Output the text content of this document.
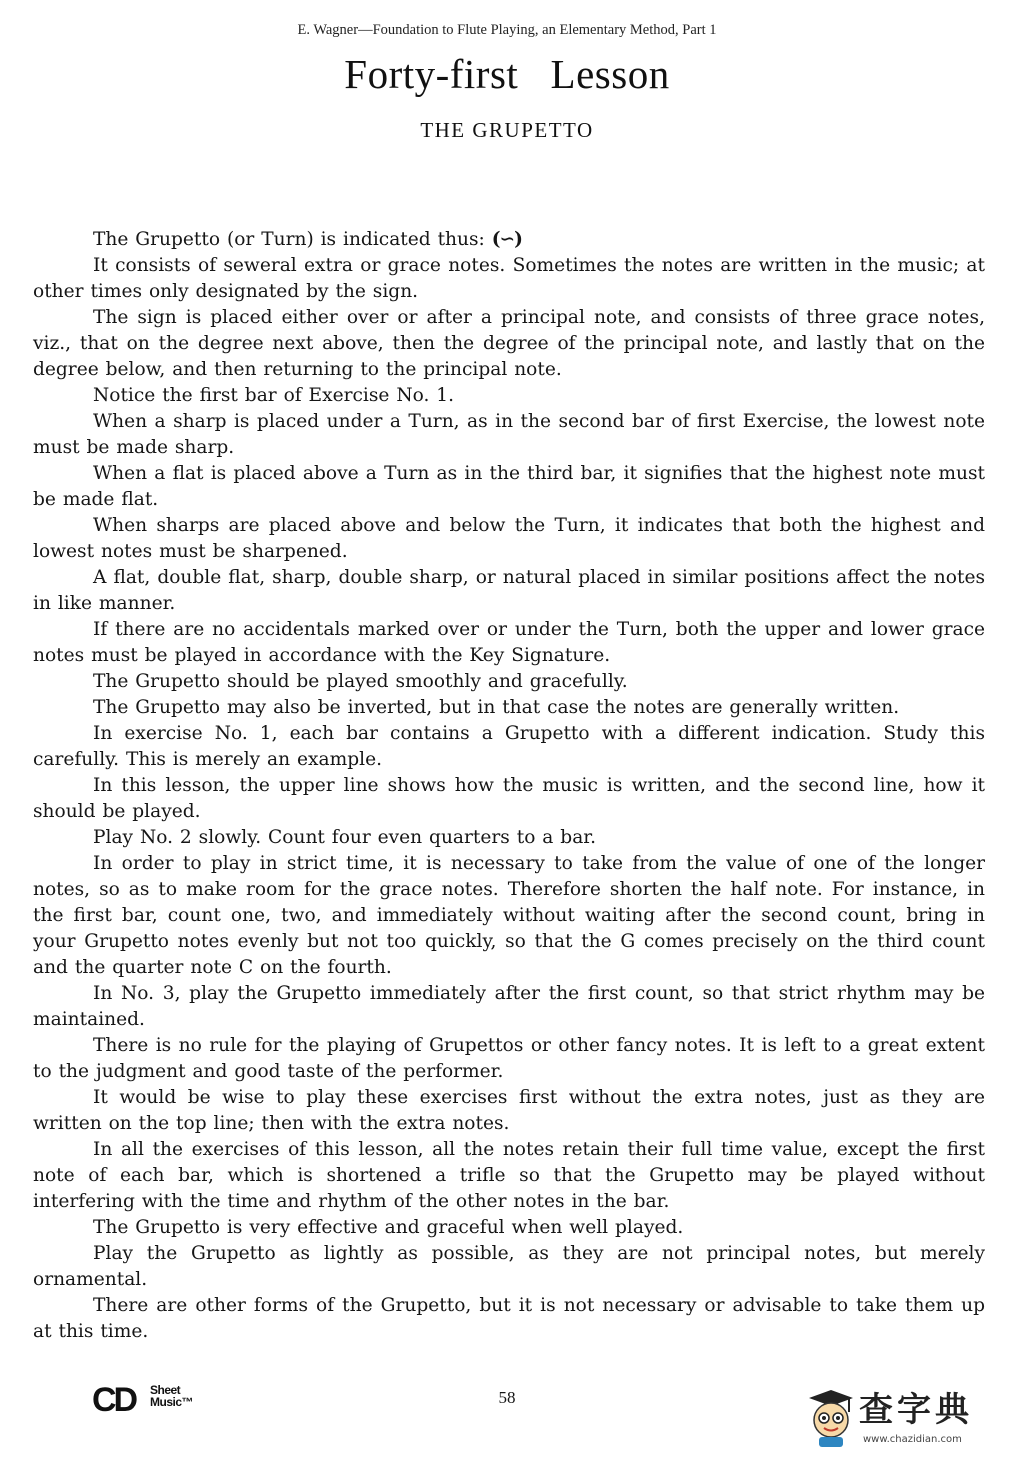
E. Wagner—Foundation to Flute Playing, an Elementary Method, Part 1
Forty-first   Lesson
THE GRUPETTO

The Grupetto (or Turn) is indicated thus: (∽)

It consists of sewеral extra or grace notes. Sometimes the notes are written in the music; at other times only designated by the sign.

The sign is placed either over or after a principal note, and consists of three grace notes, viz., that on the degree next above, then the degree of the principal note, and lastly that on the degree below, and then returning to the principal note.

Notice the first bar of Exercise No. 1.

When a sharp is placed under a Turn, as in the second bar of first Exercise, the lowest note must be made sharp.

When a flat is placed above a Turn as in the third bar, it signifies that the highest note must be made flat.

When sharps are placed above and below the Turn, it indicates that both the highest and lowest notes must be sharpened.

A flat, double flat, sharp, double sharp, or natural placed in similar positions affect the notes in like manner.

If there are no accidentals marked over or under the Turn, both the upper and lower grace notes must be played in accordance with the Key Signature.

The Grupetto should be played smoothly and gracefully.

The Grupetto may also be inverted, but in that case the notes are generally written.

In exercise No. 1, each bar contains a Grupetto with a different indication. Study this carefully. This is merely an example.

In this lesson, the upper line shows how the music is written, and the second line, how it should be played.

Play No. 2 slowly. Count four even quarters to a bar.

In order to play in strict time, it is necessary to take from the value of one of the longer notes, so as to make room for the grace notes. Therefore shorten the half note. For instance, in the first bar, count one, two, and immediately without waiting after the second count, bring in your Grupetto notes evenly but not too quickly, so that the G comes precisely on the third count and the quarter note C on the fourth.

In No. 3, play the Grupetto immediately after the first count, so that strict rhythm may be maintained.

There is no rule for the playing of Grupettos or other fancy notes. It is left to a great extent to the judgment and good taste of the performer.

It would be wise to play these exercises first without the extra notes, just as they are written on the top line; then with the extra notes.

In all the exercises of this lesson, all the notes retain their full time value, except the first note of each bar, which is shortened a trifle so that the Grupetto may be played without interfering with the time and rhythm of the other notes in the bar.

The Grupetto is very effective and graceful when well played.

Play the Grupetto as lightly as possible, as they are not principal notes, but merely ornamental.

There are other forms of the Grupetto, but it is not necessary or advisable to take them up at this time.

CD Sheet
Music™	58	查字典
www.chazidian.com
